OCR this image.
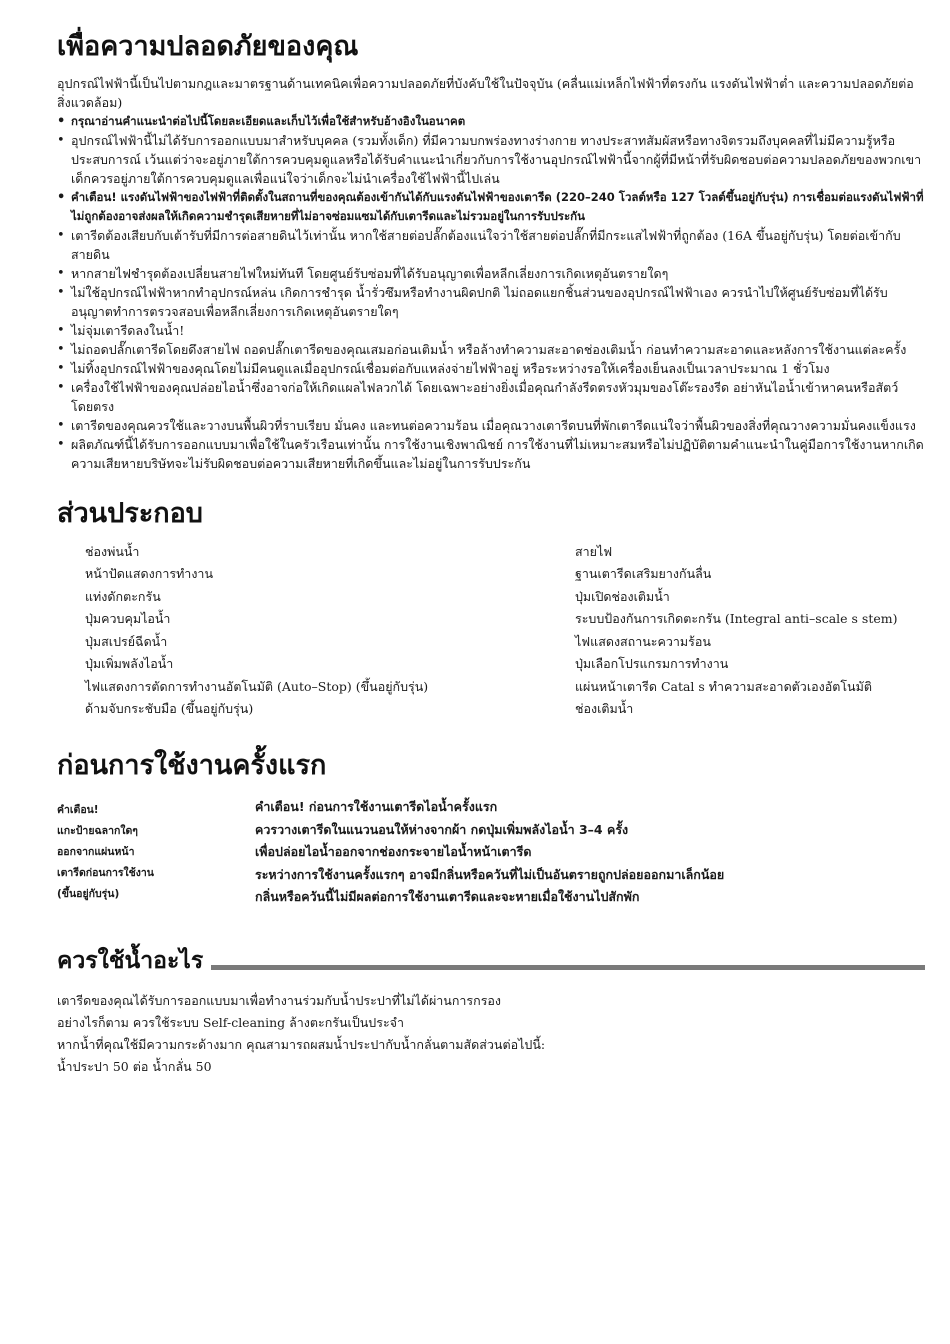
เพื่อความปลอดภัยของคุณ

อุปกรณ์ไฟฟ้านี้เป็นไปตามกฎและมาตรฐานด้านเทคนิคเพื่อความปลอดภัยที่บังคับใช้ในปัจจุบัน (คลื่นแม่เหล็กไฟฟ้าที่ตรงกัน แรงดันไฟฟ้าต่ำ และความปลอดภัยต่อสิ่งแวดล้อม)

• กรุณาอ่านคำแนะนำต่อไปนี้โดยละเอียดและเก็บไว้เพื่อใช้สำหรับอ้างอิงในอนาคต
• อุปกรณ์ไฟฟ้านี้ไม่ได้รับการออกแบบมาสำหรับบุคคล (รวมทั้งเด็ก) ที่มีความบกพร่องทางร่างกาย ทางประสาทสัมผัสหรือทางจิตรวมถึงบุคคลที่ไม่มีความรู้หรือประสบการณ์ เว้นแต่ว่าจะอยู่ภายใต้การควบคุมดูแลหรือได้รับคำแนะนำเกี่ยวกับการใช้งานอุปกรณ์ไฟฟ้านี้จากผู้ที่มีหน้าที่รับผิดชอบต่อความปลอดภัยของพวกเขา เด็กควรอยู่ภายใต้การควบคุมดูแลเพื่อแน่ใจว่าเด็กจะไม่นำเครื่องใช้ไฟฟ้านี้ไปเล่น
• คำเตือน! แรงดันไฟฟ้าของไฟฟ้าที่ติดตั้งในสถานที่ของคุณต้องเข้ากันได้กับแรงดันไฟฟ้าของเตารีด (220–240 โวลต์หรือ 127 โวลต์ขึ้นอยู่กับรุ่น) การเชื่อมต่อแรงดันไฟฟ้าที่ไม่ถูกต้องอาจส่งผลให้เกิดความชำรุดเสียหายที่ไม่อาจซ่อมแซมได้กับเตารีดและไม่รวมอยู่ในการรับประกัน
• เตารีดต้องเสียบกับเต้ารับที่มีการต่อสายดินไว้เท่านั้น หากใช้สายต่อปลั๊กต้องแน่ใจว่าใช้สายต่อปลั๊กที่มีกระแสไฟฟ้าที่ถูกต้อง (16A ขึ้นอยู่กับรุ่น) โดยต่อเข้ากับสายดิน
• หากสายไฟชำรุดต้องเปลี่ยนสายไฟใหม่ทันที โดยศูนย์รับซ่อมที่ได้รับอนุญาตเพื่อหลีกเลี่ยงการเกิดเหตุอันตรายใดๆ
• ไม่ใช้อุปกรณ์ไฟฟ้าหากทำอุปกรณ์หล่น เกิดการชำรุด น้ำรั่วซึมหรือทำงานผิดปกติ ไม่ถอดแยกชิ้นส่วนของอุปกรณ์ไฟฟ้าเอง ควรนำไปให้ศูนย์รับซ่อมที่ได้รับอนุญาตทำการตรวจสอบเพื่อหลีกเลี่ยงการเกิดเหตุอันตรายใดๆ
• ไม่จุ่มเตารีดลงในน้ำ!
• ไม่ถอดปลั๊กเตารีดโดยดึงสายไฟ ถอดปลั๊กเตารีดของคุณเสมอก่อนเติมน้ำ หรือล้างทำความสะอาดช่องเติมน้ำ ก่อนทำความสะอาดและหลังการใช้งานแต่ละครั้ง
• ไม่ทิ้งอุปกรณ์ไฟฟ้าของคุณโดยไม่มีคนดูแลเมื่ออุปกรณ์เชื่อมต่อกับแหล่งจ่ายไฟฟ้าอยู่ หรือระหว่างรอให้เครื่องเย็นลงเป็นเวลาประมาณ 1 ชั่วโมง
• เครื่องใช้ไฟฟ้าของคุณปล่อยไอน้ำซึ่งอาจก่อให้เกิดแผลไฟลวกได้ โดยเฉพาะอย่างยิ่งเมื่อคุณกำลังรีดตรงหัวมุมของโต๊ะรองรีด อย่าหันไอน้ำเข้าหาคนหรือสัตว์โดยตรง
• เตารีดของคุณควรใช้และวางบนพื้นผิวที่ราบเรียบ มั่นคง และทนต่อความร้อน เมื่อคุณวางเตารีดบนที่พักเตารีดแน่ใจว่าพื้นผิวของสิ่งที่คุณวางความมั่นคงแข็งแรง
• ผลิตภัณฑ์นี้ได้รับการออกแบบมาเพื่อใช้ในครัวเรือนเท่านั้น การใช้งานเชิงพาณิชย์ การใช้งานที่ไม่เหมาะสมหรือไม่ปฏิบัติตามคำแนะนำในคู่มือการใช้งานหากเกิดความเสียหายบริษัทจะไม่รับผิดชอบต่อความเสียหายที่เกิดขึ้นและไม่อยู่ในการรับประกัน
ส่วนประกอบ
ช่องพ่นน้ำ
หน้าปัดแสดงการทำงาน
แท่งดักตะกรัน
ปุ่มควบคุมไอน้ำ
ปุ่มสเปรย์ฉีดน้ำ
ปุ่มเพิ่มพลังไอน้ำ
ไฟแสดงการตัดการทำงานอัตโนมัติ (Auto–Stop) (ขึ้นอยู่กับรุ่น)
ด้ามจับกระชับมือ (ขึ้นอยู่กับรุ่น)
สายไฟ
ฐานเตารีดเสริมยางกันลื่น
ปุ่มเปิดช่องเติมน้ำ
ระบบป้องกันการเกิดตะกรัน (Integral anti–scale s stem)
ไฟแสดงสถานะความร้อน
ปุ่มเลือกโปรแกรมการทำงาน
แผ่นหน้าเตารีด Catal s ทำความสะอาดตัวเองอัตโนมัติ
ช่องเติมน้ำ
ก่อนการใช้งานครั้งแรก
คำเตือน!
แกะป้ายฉลากใดๆ
ออกจากแผ่นหน้า
เตารีดก่อนการใช้งาน
(ขึ้นอยู่กับรุ่น)
คำเตือน! ก่อนการใช้งานเตารีดไอน้ำครั้งแรก
ควรวางเตารีดในแนวนอนให้ห่างจากผ้า กดปุ่มเพิ่มพลังไอน้ำ 3–4 ครั้ง
เพื่อปล่อยไอน้ำออกจากช่องกระจายไอน้ำหน้าเตารีด
ระหว่างการใช้งานครั้งแรกๆ อาจมีกลิ่นหรือควันที่ไม่เป็นอันตรายถูกปล่อยออกมาเล็กน้อย
กลิ่นหรือควันนี้ไม่มีผลต่อการใช้งานเตารีดและจะหายเมื่อใช้งานไปสักพัก
ควรใช้น้ำอะไร
เตารีดของคุณได้รับการออกแบบมาเพื่อทำงานร่วมกับน้ำประปาที่ไม่ได้ผ่านการกรอง
อย่างไรก็ตาม ควรใช้ระบบ Self-cleaning ล้างตะกรันเป็นประจำ
หากน้ำที่คุณใช้มีความกระด้างมาก คุณสามารถผสมน้ำประปากับน้ำกลั่นตามสัดส่วนต่อไปนี้:
น้ำประปา 50 ต่อ น้ำกลั่น 50
